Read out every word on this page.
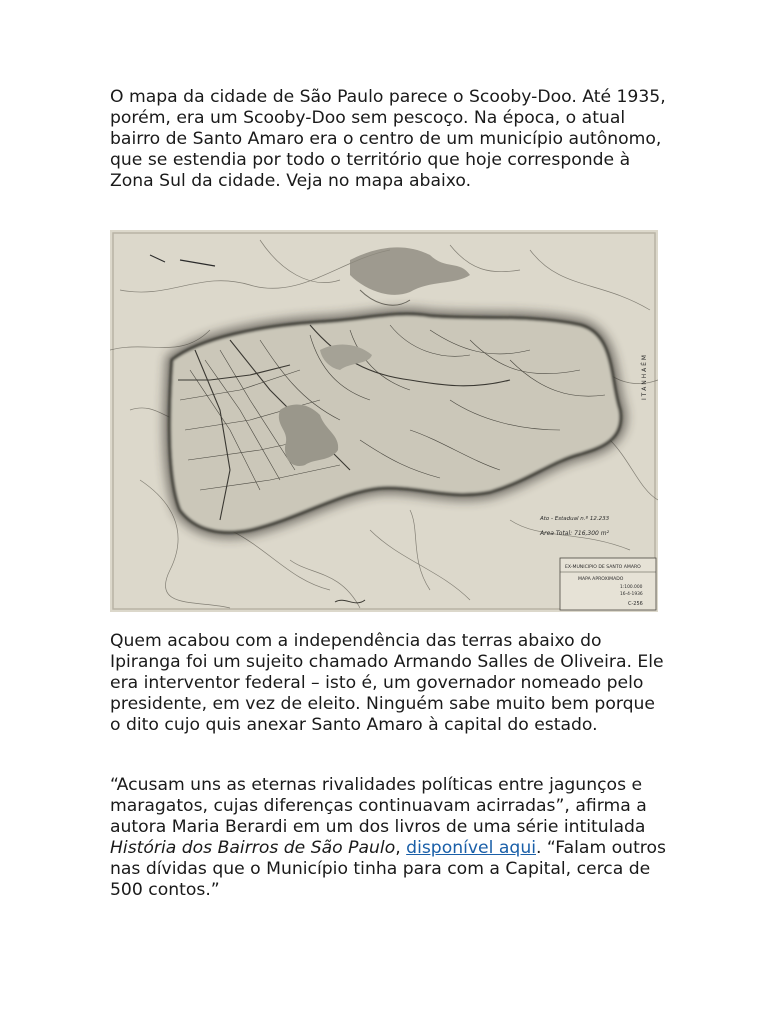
O mapa da cidade de São Paulo parece o Scooby-Doo. Até 1935, porém, era um Scooby-Doo sem pescoço. Na época, o atual bairro de Santo Amaro era o centro de um município autônomo, que se estendia por todo o território que hoje corresponde à Zona Sul da cidade. Veja no mapa abaixo.

I T A N H A É M
Ato - Estadual n.º 12.233
Area Total: 716,300 m²
EX-MUNICIPIO DE SANTO AMARO
MAPA APROXIMADO
1:100.000
16-4-1936
C-256

Quem acabou com a independência das terras abaixo do Ipiranga foi um sujeito chamado Armando Salles de Oliveira. Ele era interventor federal – isto é, um governador nomeado pelo presidente, em vez de eleito. Ninguém sabe muito bem porque o dito cujo quis anexar Santo Amaro à capital do estado.

“Acusam uns as eternas rivalidades políticas entre jagunços e maragatos, cujas diferenças continuavam acirradas”, afirma a autora Maria Berardi em um dos livros de uma série intitulada História dos Bairros de São Paulo, disponível aqui. “Falam outros nas dívidas que o Município tinha para com a Capital, cerca de 500 contos.”
